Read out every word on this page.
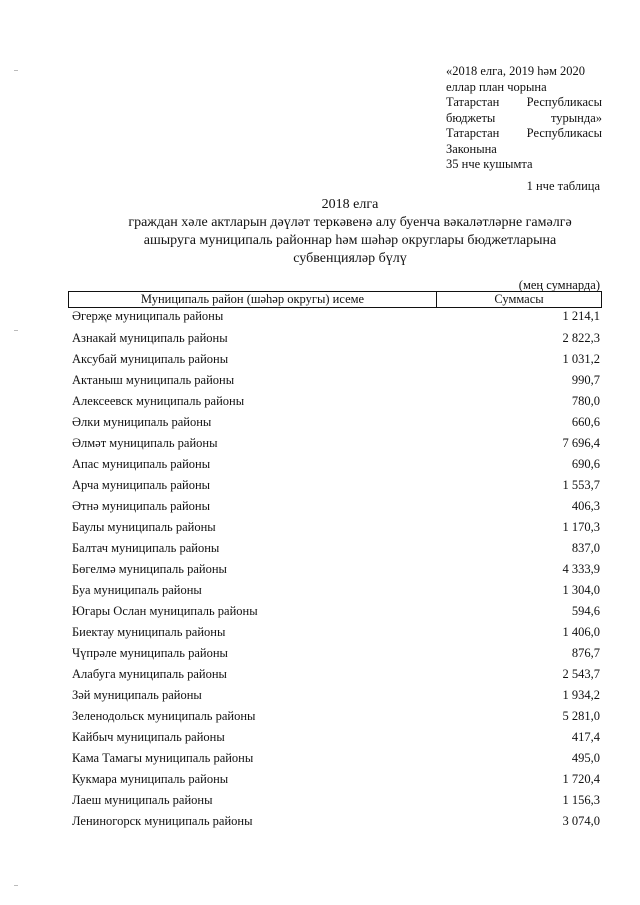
«2018 елга, 2019 һәм 2020
еллар план чорына
Татарстан Республикасы
бюджеты	турында»
Татарстан Республикасы
Законына
35 нче кушымта
1 нче таблица
2018 елга
граждан хәле актларын дәүләт теркәвенә алу буенча вәкаләтләрне гамәлгә
ашыруга муниципаль районнар һәм шәһәр округлары бюджетларына
субвенцияләр бүлү
(мең сумнарда)
Муниципаль район (шәһәр округы) исеме	Суммасы
Әгерҗе муниципаль районы	1 214,1
Азнакай муниципаль районы	2 822,3
Аксубай муниципаль районы	1 031,2
Актаныш муниципаль районы	990,7
Алексеевск муниципаль районы	780,0
Әлки муниципаль районы	660,6
Әлмәт муниципаль районы	7 696,4
Апас муниципаль районы	690,6
Арча муниципаль районы	1 553,7
Әтнә муниципаль районы	406,3
Баулы муниципаль районы	1 170,3
Балтач муниципаль районы	837,0
Бөгелмә муниципаль районы	4 333,9
Буа муниципаль районы	1 304,0
Югары Ослан муниципаль районы	594,6
Биектау муниципаль районы	1 406,0
Чүпрәле муниципаль районы	876,7
Алабуга муниципаль районы	2 543,7
Зәй муниципаль районы	1 934,2
Зеленодольск муниципаль районы	5 281,0
Кайбыч муниципаль районы	417,4
Кама Тамагы муниципаль районы	495,0
Кукмара муниципаль районы	1 720,4
Лаеш муниципаль районы	1 156,3
Лениногорск муниципаль районы	3 074,0
